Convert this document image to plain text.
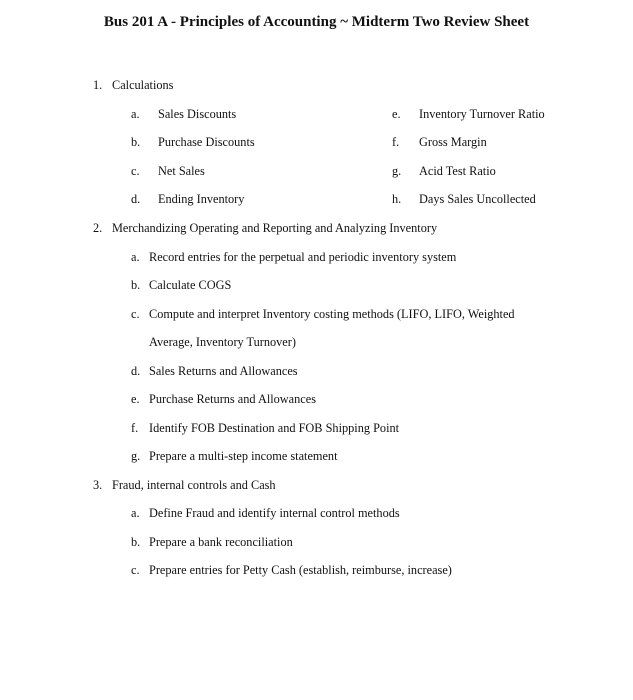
Bus 201 A - Principles of Accounting ~ Midterm Two Review Sheet
1. Calculations
a. Sales Discounts
b. Purchase Discounts
c. Net Sales
d. Ending Inventory
e. Inventory Turnover Ratio
f. Gross Margin
g. Acid Test Ratio
h. Days Sales Uncollected
2. Merchandizing Operating and Reporting and Analyzing Inventory
a. Record entries for the perpetual and periodic inventory system
b. Calculate COGS
c. Compute and interpret Inventory costing methods (LIFO, LIFO, Weighted
Average, Inventory Turnover)
d. Sales Returns and Allowances
e. Purchase Returns and Allowances
f. Identify FOB Destination and FOB Shipping Point
g. Prepare a multi-step income statement
3. Fraud, internal controls and Cash
a. Define Fraud and identify internal control methods
b. Prepare a bank reconciliation
c. Prepare entries for Petty Cash (establish, reimburse, increase)
